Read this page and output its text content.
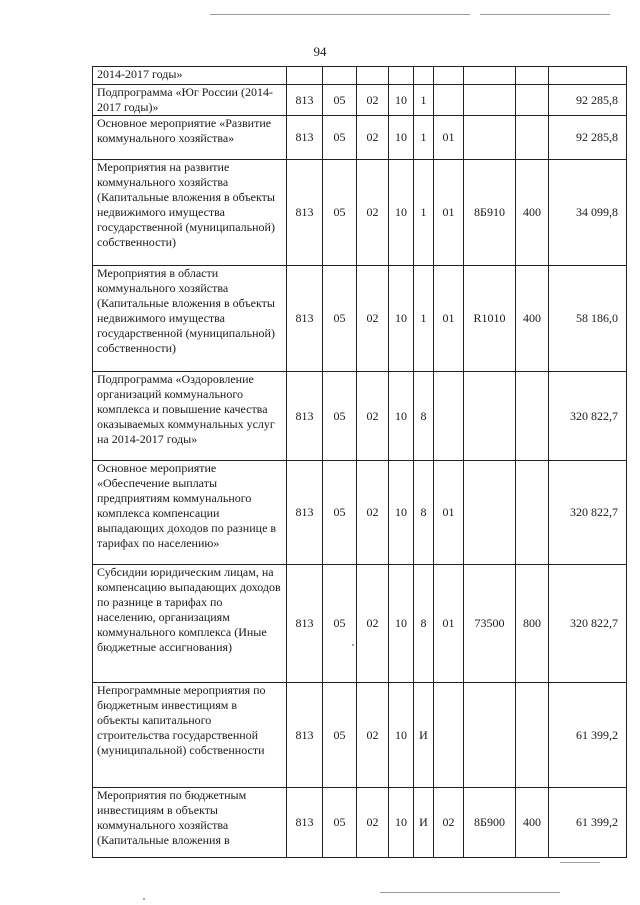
94
2014-2017 годы»									
Подпрограмма «Юг России (2014-2017 годы)»	813	05	02	10	1				92 285,8
Основное мероприятие «Развитие коммунального хозяйства»	813	05	02	10	1	01			92 285,8
Мероприятия на развитие коммунального хозяйства (Капитальные вложения в объекты недвижимого имущества государственной (муниципальной) собственности)	813	05	02	10	1	01	8Б910	400	34 099,8
Мероприятия в области коммунального хозяйства (Капитальные вложения в объекты недвижимого имущества государственной (муниципальной) собственности)	813	05	02	10	1	01	R1010	400	58 186,0
Подпрограмма «Оздоровление организаций коммунального комплекса и повышение качества оказываемых коммунальных услуг на 2014-2017 годы»	813	05	02	10	8				320 822,7
Основное мероприятие «Обеспечение выплаты предприятиям коммунального комплекса компенсации выпадающих доходов по разнице в тарифах по населению»	813	05	02	10	8	01			320 822,7
Субсидии юридическим лицам, на компенсацию выпадающих доходов по разнице в тарифах по населению, организациям коммунального комплекса (Иные бюджетные ассигнования)	813	05	02	10	8	01	73500	800	320 822,7
Непрограммные мероприятия по бюджетным инвестициям в объекты капитального строительства государственной (муниципальной) собственности	813	05	02	10	И				61 399,2
Мероприятия по бюджетным инвестициям в объекты коммунального хозяйства (Капитальные вложения в	813	05	02	10	И	02	8Б900	400	61 399,2
